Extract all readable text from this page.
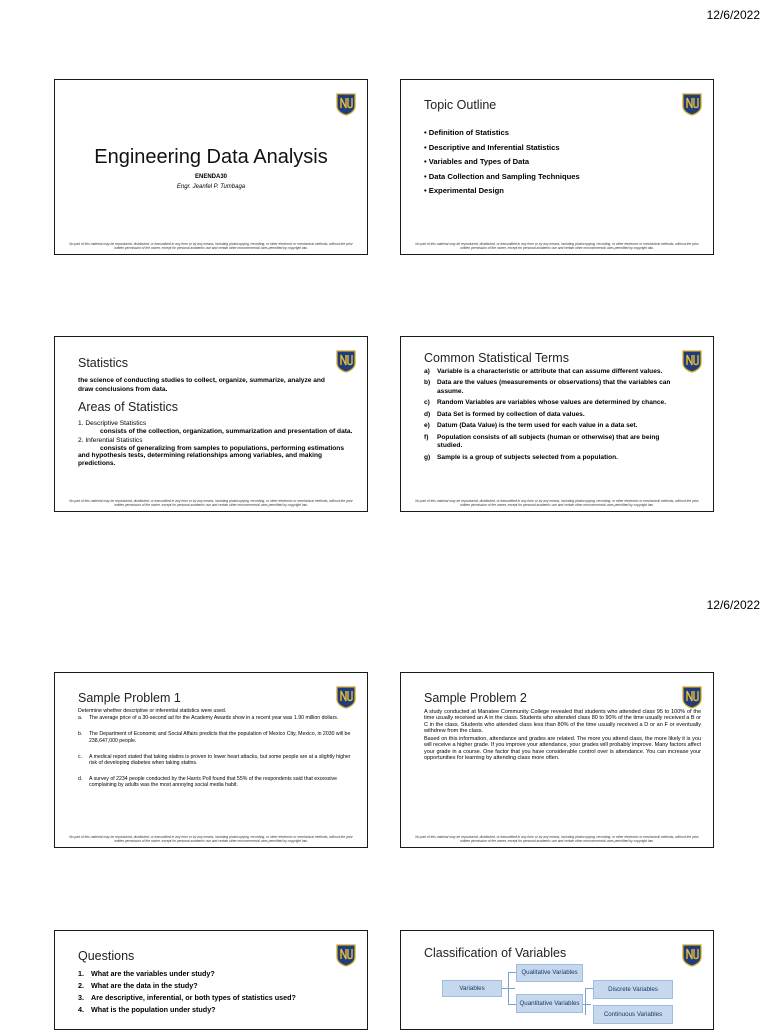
12/6/2022
12/6/2022
Engineering Data Analysis
ENENDA30
Engr. Jeanfel P. Tumbaga
No part of this material may be reproduced, distributed, or transmitted in any form or by any means, including photocopying, recording, or other electronic or mechanical methods, without the prior written permission of the owner, except for personal academic use and certain other noncommercial uses permitted by copyright law.
Topic Outline
• Definition of Statistics
• Descriptive and Inferential Statistics
• Variables and Types of Data
• Data Collection and Sampling Techniques
• Experimental Design
No part of this material may be reproduced, distributed, or transmitted in any form or by any means, including photocopying, recording, or other electronic or mechanical methods, without the prior written permission of the owner, except for personal academic use and certain other noncommercial uses permitted by copyright law.
Statistics
the science of conducting studies to collect, organize, summarize, analyze and draw conclusions from data.
Areas of Statistics
1. Descriptive Statistics
consists of the collection, organization, summarization and presentation of data.
2. Inferential Statistics
consists of generalizing from samples to populations, performing estimations and hypothesis tests, determining relationships among variables, and making predictions.
No part of this material may be reproduced, distributed, or transmitted in any form or by any means, including photocopying, recording, or other electronic or mechanical methods, without the prior written permission of the owner, except for personal academic use and certain other noncommercial uses permitted by copyright law.
Common Statistical Terms
a)	Variable is a characteristic or attribute that can assume different values.
b)	Data are the values (measurements or observations) that the variables can assume.
c)	Random Variables are variables whose values are determined by chance.
d)	Data Set is formed by collection of data values.
e)	Datum (Data Value) is the term used for each value in a data set.
f)	Population consists of all subjects (human or otherwise) that are being studied.
g)	Sample is a group of subjects selected from a population.
No part of this material may be reproduced, distributed, or transmitted in any form or by any means, including photocopying, recording, or other electronic or mechanical methods, without the prior written permission of the owner, except for personal academic use and certain other noncommercial uses permitted by copyright law.
Sample Problem 1
Determine whether descriptive or inferential statistics were used.
a.	The average price of a 30-second ad for the Academy Awards show in a recent year was 1.90 million dollars.
b.	The Department of Economic and Social Affairs predicts that the population of Mexico City, Mexico, in 2030 will be 238,647,000 people.
c.	A medical report stated that taking statins is proven to lower heart attacks, but some people are at a slightly higher risk of developing diabetes when taking statins.
d.	A survey of 2234 people conducted by the Harris Poll found that 55% of the respondents said that excessive complaining by adults was the most annoying social media habit.
No part of this material may be reproduced, distributed, or transmitted in any form or by any means, including photocopying, recording, or other electronic or mechanical methods, without the prior written permission of the owner, except for personal academic use and certain other noncommercial uses permitted by copyright law.
Sample Problem 2
A study conducted at Manatee Community College revealed that students who attended class 95 to 100% of the time usually received an A in the class. Students who attended class 80 to 90% of the time usually received a B or C in the class. Students who attended class less than 80% of the time usually received a D or an F or eventually withdrew from the class.
Based on this information, attendance and grades are related. The more you attend class, the more likely it is you will receive a higher grade. If you improve your attendance, your grades will probably improve. Many factors affect your grade in a course. One factor that you have considerable control over is attendance. You can increase your opportunities for learning by attending class more often.
No part of this material may be reproduced, distributed, or transmitted in any form or by any means, including photocopying, recording, or other electronic or mechanical methods, without the prior written permission of the owner, except for personal academic use and certain other noncommercial uses permitted by copyright law.
Questions
1. What are the variables under study?
2. What are the data in the study?
3. Are descriptive, inferential, or both types of statistics used?
4. What is the population under study?
Classification of Variables
Variables
Qualitative Variables
Quantitative Variables
Discrete Variables
Continuous Variables
